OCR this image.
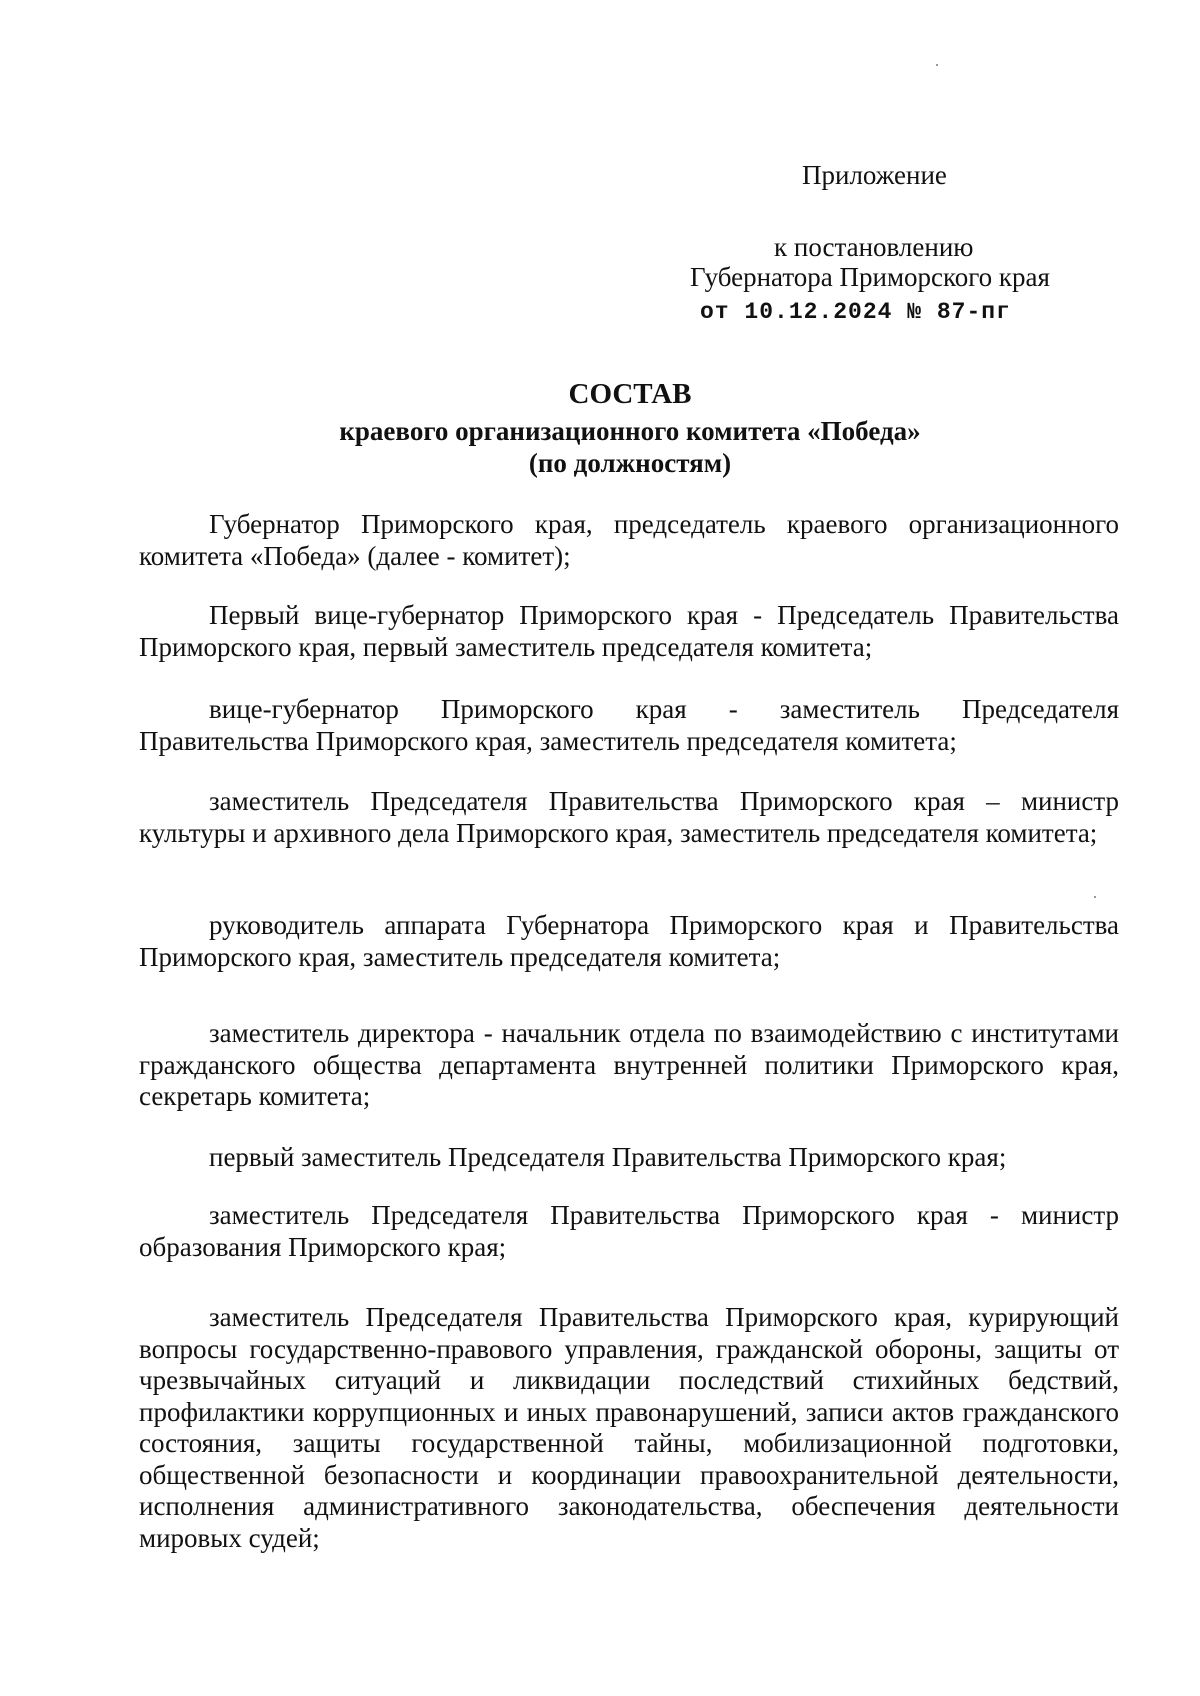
Приложение
к постановлению
Губернатора Приморского края
от 10.12.2024 № 87-пг
СОСТАВ
краевого организационного комитета «Победа»
(по должностям)
Губернатор Приморского края, председатель краевого организационного комитета «Победа» (далее - комитет);
Первый вице-губернатор Приморского края - Председатель Правительства Приморского края, первый заместитель председателя комитета;
вице-губернатор Приморского края - заместитель Председателя Правительства Приморского края, заместитель председателя комитета;
заместитель Председателя Правительства Приморского края – министр культуры и архивного дела Приморского края, заместитель председателя комитета;
руководитель аппарата Губернатора Приморского края и Правительства Приморского края, заместитель председателя комитета;
заместитель директора - начальник отдела по взаимодействию с институтами гражданского общества департамента внутренней политики Приморского края, секретарь комитета;
первый заместитель Председателя Правительства Приморского края;
заместитель Председателя Правительства Приморского края - министр образования Приморского края;
заместитель Председателя Правительства Приморского края, курирующий вопросы государственно-правового управления, гражданской обороны, защиты от чрезвычайных ситуаций и ликвидации последствий стихийных бедствий, профилактики коррупционных и иных правонарушений, записи актов гражданского состояния, защиты государственной тайны, мобилизационной подготовки, общественной безопасности и координации правоохранительной деятельности, исполнения административного законодательства, обеспечения деятельности мировых судей;
